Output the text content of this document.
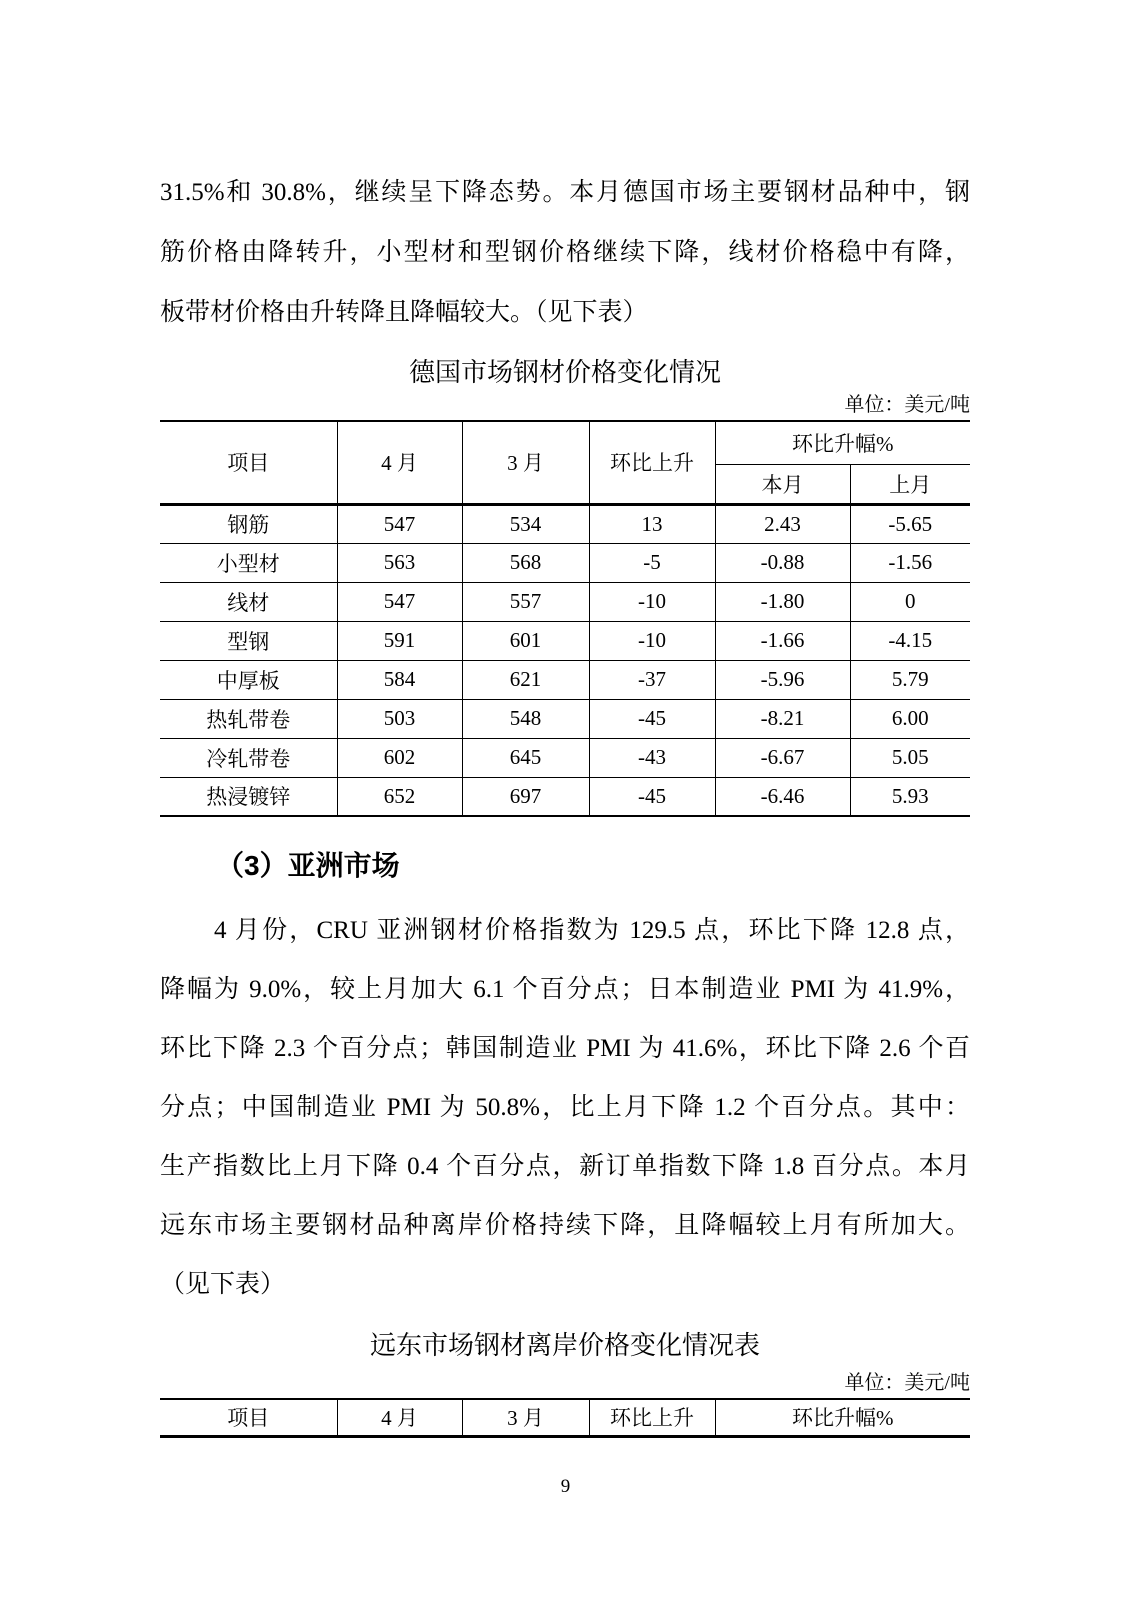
31.5%和 30.8%，继续呈下降态势。本月德国市场主要钢材品种中，钢
筋价格由降转升，小型材和型钢价格继续下降，线材价格稳中有降，
板带材价格由升转降且降幅较大。（见下表）
德国市场钢材价格变化情况
单位：美元/吨
项目	4 月	3 月	环比上升	环比升幅%	
				本月	上月
钢筋	547	534	13	2.43	-5.65
小型材	563	568	-5	-0.88	-1.56
线材	547	557	-10	-1.80	0
型钢	591	601	-10	-1.66	-4.15
中厚板	584	621	-37	-5.96	5.79
热轧带卷	503	548	-45	-8.21	6.00
冷轧带卷	602	645	-43	-6.67	5.05
热浸镀锌	652	697	-45	-6.46	5.93
（3）亚洲市场
4 月份，CRU 亚洲钢材价格指数为 129.5 点，环比下降 12.8 点，
降幅为 9.0%，较上月加大 6.1 个百分点；日本制造业 PMI 为 41.9%，
环比下降 2.3 个百分点；韩国制造业 PMI 为 41.6%，环比下降 2.6 个百
分点；中国制造业 PMI 为 50.8%，比上月下降 1.2 个百分点。其中：
生产指数比上月下降 0.4 个百分点，新订单指数下降 1.8 百分点。本月
远东市场主要钢材品种离岸价格持续下降，且降幅较上月有所加大。
（见下表）
远东市场钢材离岸价格变化情况表
单位：美元/吨
项目	4 月	3 月	环比上升	环比升幅%
9
